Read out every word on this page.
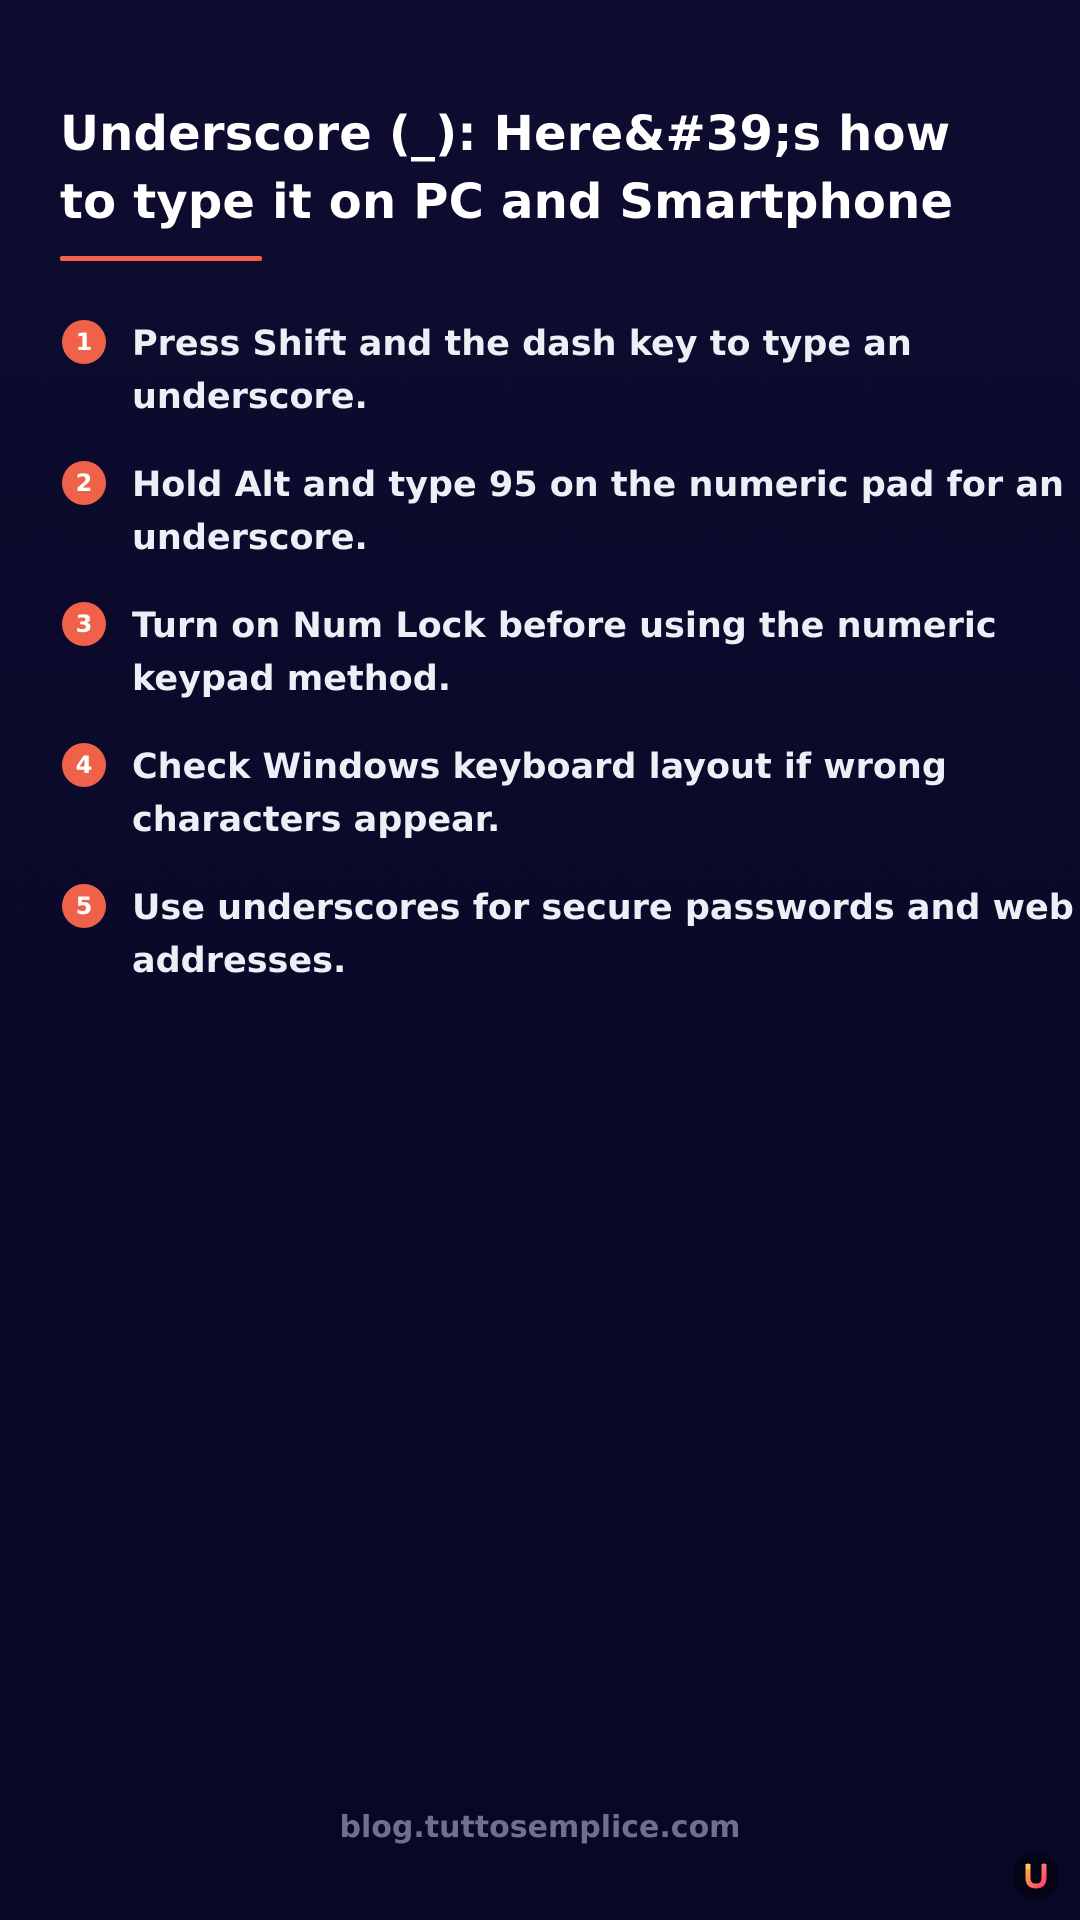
Underscore (_): Here&#39;s how to type it on PC and Smartphone
1	Press Shift and the dash key to type an underscore.

2	Hold Alt and type 95 on the numeric pad for an underscore.

3	Turn on Num Lock before using the numeric keypad method.

4	Check Windows keyboard layout if wrong characters appear.

5	Use underscores for secure passwords and web addresses.

blog.tuttosemplice.com
